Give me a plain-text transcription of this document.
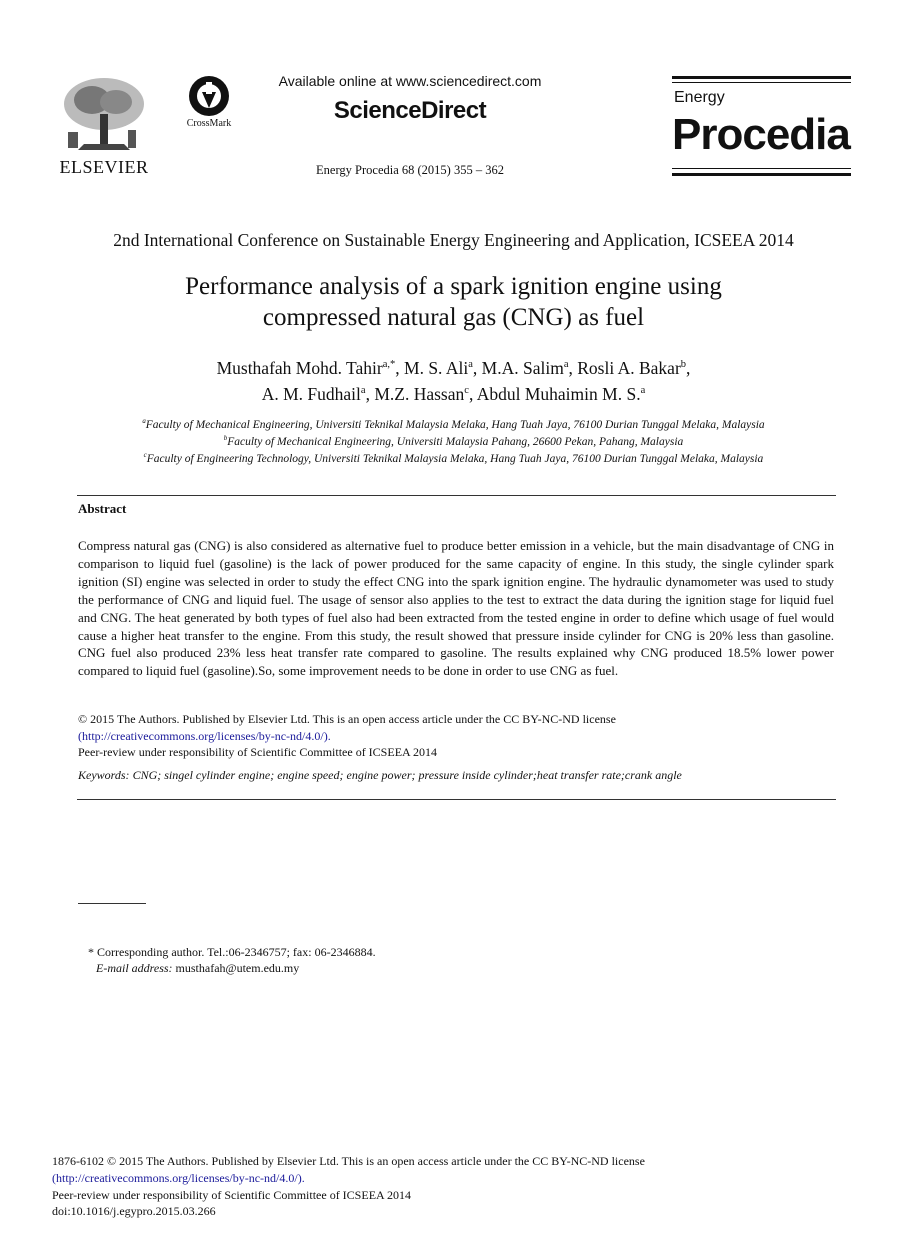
ELSEVIER
CrossMark
Available online at www.sciencedirect.com
ScienceDirect
Energy Procedia 68 (2015) 355 – 362
Energy
Procedia
2nd International Conference on Sustainable Energy Engineering and Application, ICSEEA 2014
Performance analysis of a spark ignition engine using
compressed natural gas (CNG) as fuel
Musthafah Mohd. Tahir$^{a,*}$, M. S. Ali$^a$, M.A. Salim$^a$, Rosli A. Bakar$^b$,
A. M. Fudhail$^a$, M.Z. Hassan$^c$, Abdul Muhaimin M. S.$^a$
$^a$Faculty of Mechanical Engineering, Universiti Teknikal Malaysia Melaka, Hang Tuah Jaya, 76100 Durian Tunggal Melaka, Malaysia
$^b$Faculty of Mechanical Engineering, Universiti Malaysia Pahang, 26600 Pekan, Pahang, Malaysia
$^c$Faculty of Engineering Technology, Universiti Teknikal Malaysia Melaka, Hang Tuah Jaya, 76100 Durian Tunggal Melaka, Malaysia
Abstract
Compress natural gas (CNG) is also considered as alternative fuel to produce better emission in a vehicle, but the main disadvantage of CNG in comparison to liquid fuel (gasoline) is the lack of power produced for the same capacity of engine. In this study, the single cylinder spark ignition (SI) engine was selected in order to study the effect CNG into the spark ignition engine. The hydraulic dynamometer was used to study the performance of CNG and liquid fuel. The usage of sensor also applies to the test to extract the data during the ignition stage for liquid fuel and CNG. The heat generated by both types of fuel also had been extracted from the tested engine in order to define which usage of fuel would cause a higher heat transfer to the engine. From this study, the result showed that pressure inside cylinder for CNG is 20% less than gasoline. CNG fuel also produced 23% less heat transfer rate compared to gasoline. The results explained why CNG produced 18.5% lower power compared to liquid fuel (gasoline).So, some improvement needs to be done in order to use CNG as fuel.
© 2015 The Authors. Published by Elsevier Ltd. This is an open access article under the CC BY-NC-ND license
(http://creativecommons.org/licenses/by-nc-nd/4.0/).
Peer-review under responsibility of Scientific Committee of ICSEEA 2014
Keywords: CNG; singel cylinder engine; engine speed; engine power; pressure inside cylinder;heat transfer rate;crank angle
* Corresponding author. Tel.:06-2346757; fax: 06-2346884.
E-mail address: musthafah@utem.edu.my
1876-6102 © 2015 The Authors. Published by Elsevier Ltd. This is an open access article under the CC BY-NC-ND license
(http://creativecommons.org/licenses/by-nc-nd/4.0/).
Peer-review under responsibility of Scientific Committee of ICSEEA 2014
doi:10.1016/j.egypro.2015.03.266
